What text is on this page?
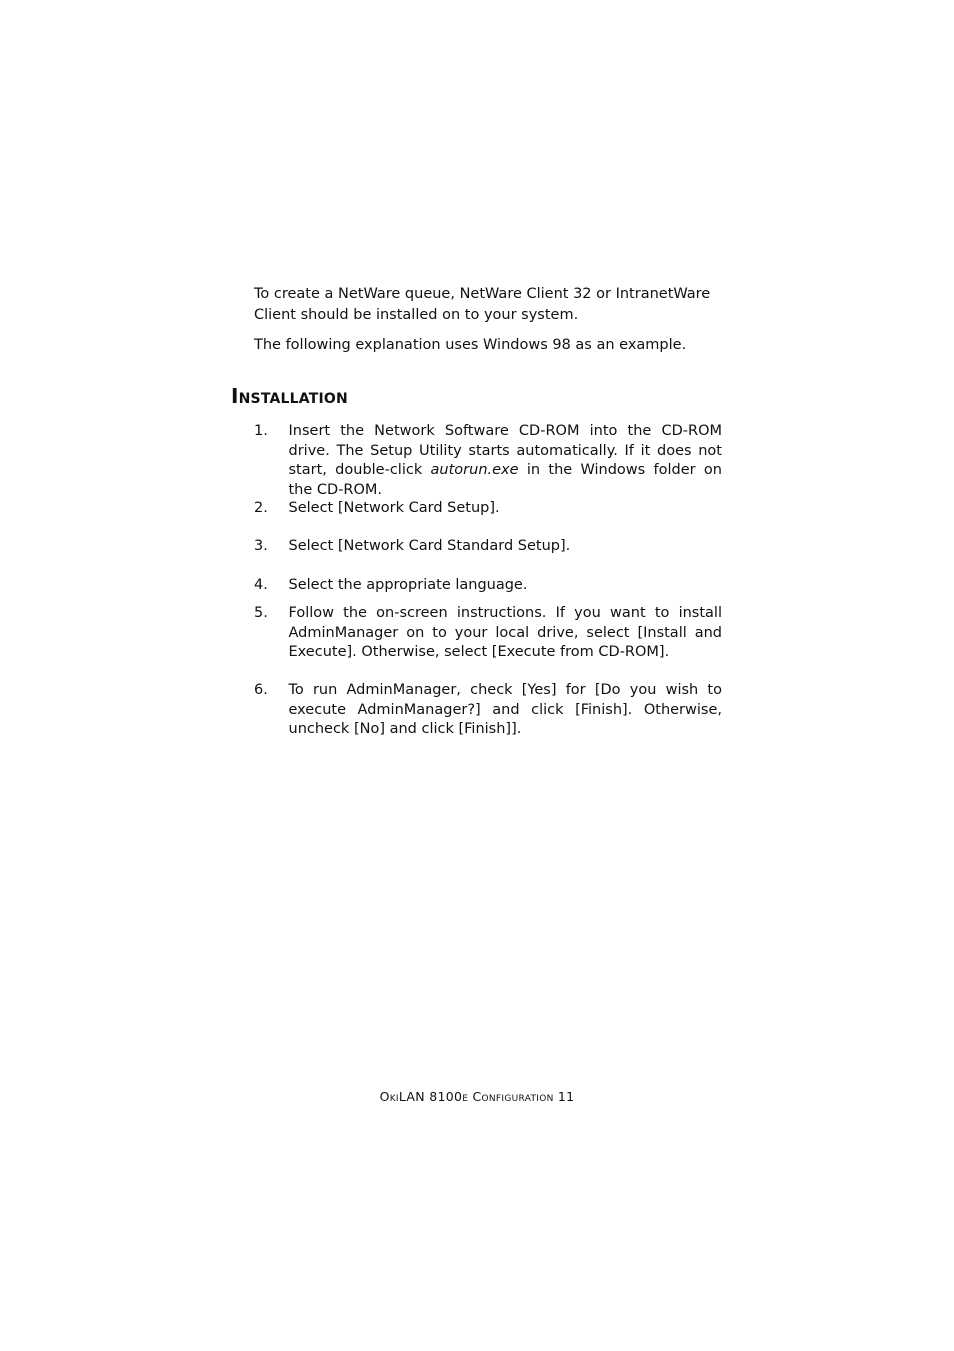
To create a NetWare queue, NetWare Client 32 or IntranetWare Client should be installed on to your system.

The following explanation uses Windows 98 as an example.

Installation
1.	Insert the Network Software CD-ROM into the CD-ROM drive. The Setup Utility starts automatically. If it does not start, double-click autorun.exe in the Windows folder on the CD-ROM.
2.	Select [Network Card Setup].
3.	Select [Network Card Standard Setup].
4.	Select the appropriate language.
5.	Follow the on-screen instructions. If you want to install AdminManager on to your local drive, select [Install and Execute]. Otherwise, select [Execute from CD-ROM].
6.	To run AdminManager, check [Yes] for [Do you wish to execute AdminManager?] and click [Finish]. Otherwise, uncheck [No] and click [Finish]].
OkiLAN 8100e Configuration 11
